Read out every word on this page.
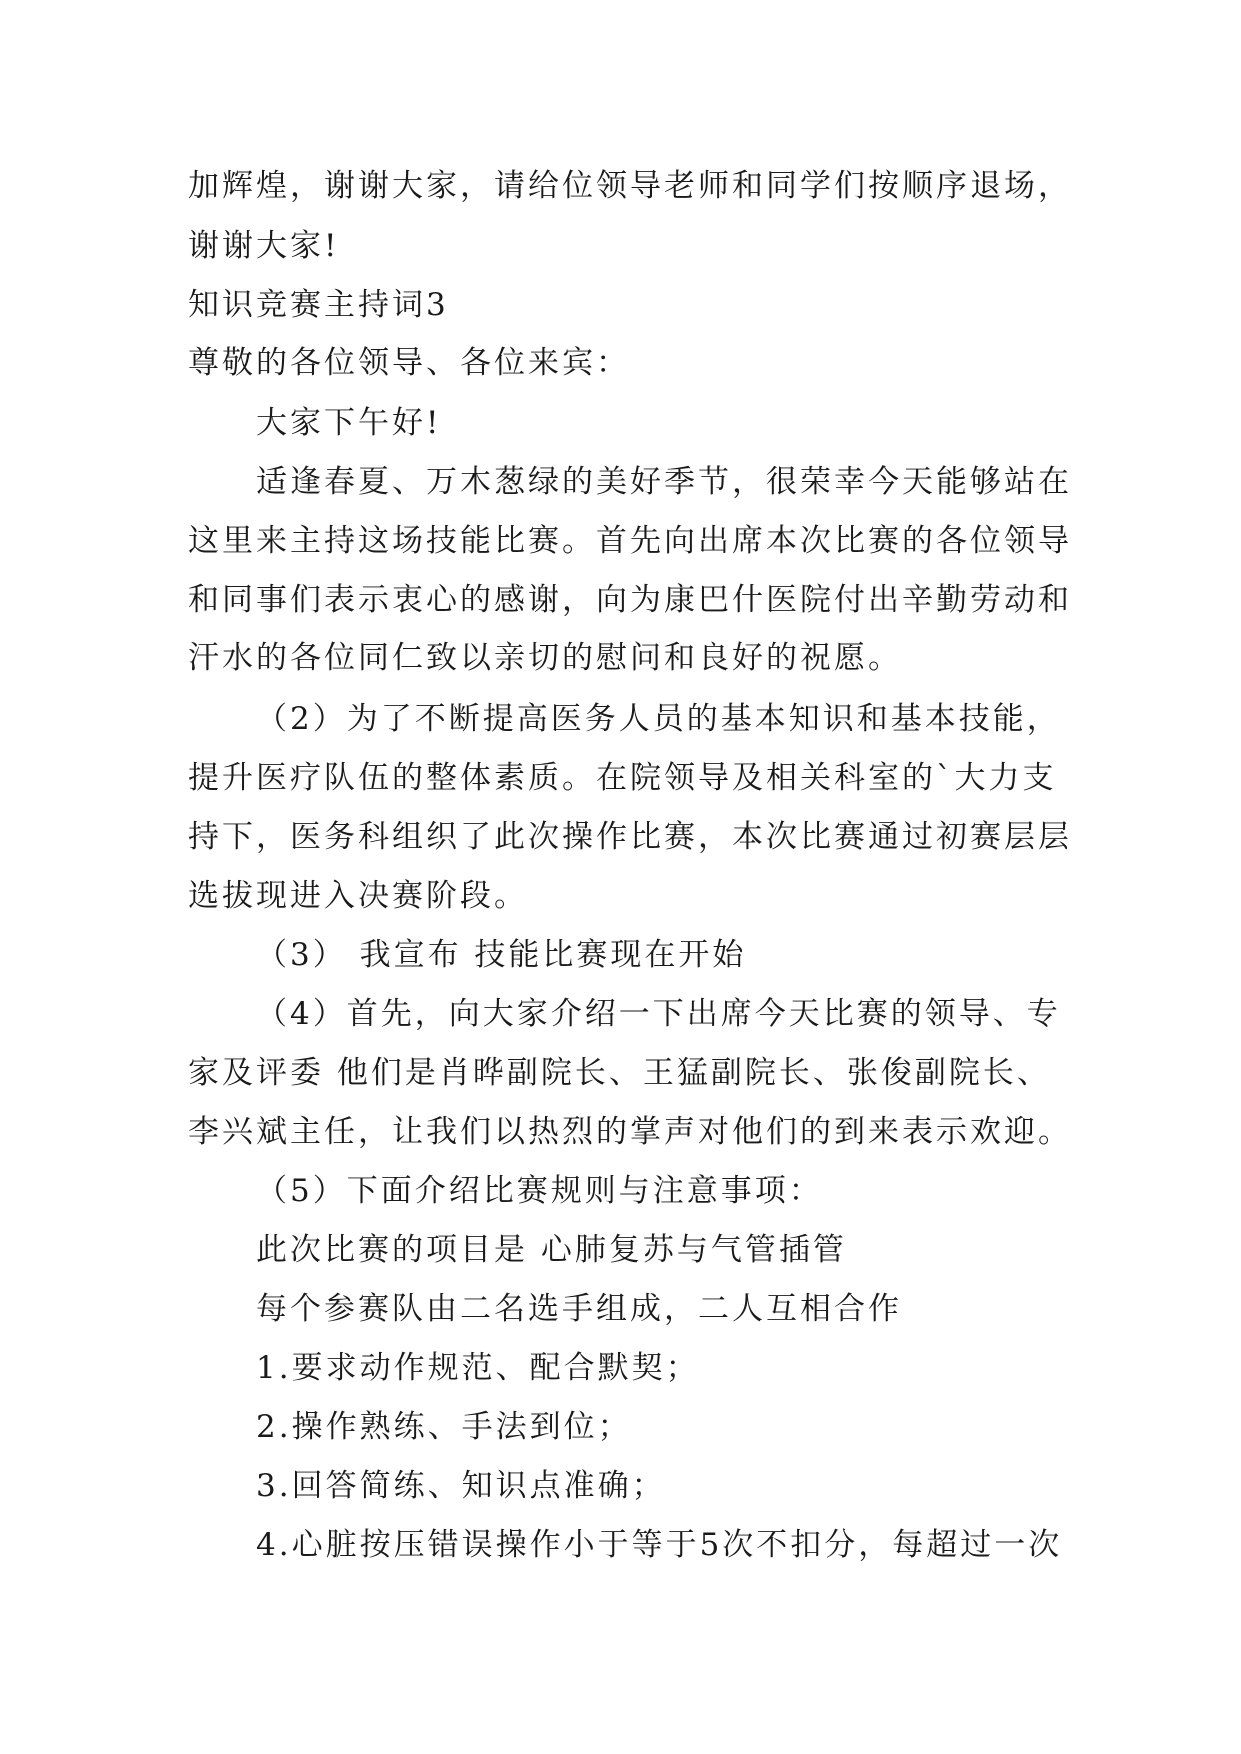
加辉煌，谢谢大家，请给位领导老师和同学们按顺序退场，
谢谢大家!
知识竞赛主持词3
尊敬的各位领导、各位来宾：
大家下午好!
适逢春夏、万木葱绿的美好季节，很荣幸今天能够站在
这里来主持这场技能比赛。首先向出席本次比赛的各位领导
和同事们表示衷心的感谢，向为康巴什医院付出辛勤劳动和
汗水的各位同仁致以亲切的慰问和良好的祝愿。
（2）为了不断提高医务人员的基本知识和基本技能，
提升医疗队伍的整体素质。在院领导及相关科室的`大力支
持下，医务科组织了此次操作比赛，本次比赛通过初赛层层
选拔现进入决赛阶段。
（3） 我宣布 技能比赛现在开始
（4）首先，向大家介绍一下出席今天比赛的领导、专
家及评委 他们是肖晔副院长、王猛副院长、张俊副院长、
李兴斌主任，让我们以热烈的掌声对他们的到来表示欢迎。
（5）下面介绍比赛规则与注意事项：
此次比赛的项目是 心肺复苏与气管插管
每个参赛队由二名选手组成，二人互相合作
1.要求动作规范、配合默契；
2.操作熟练、手法到位；
3.回答简练、知识点准确；
4.心脏按压错误操作小于等于5次不扣分，每超过一次
